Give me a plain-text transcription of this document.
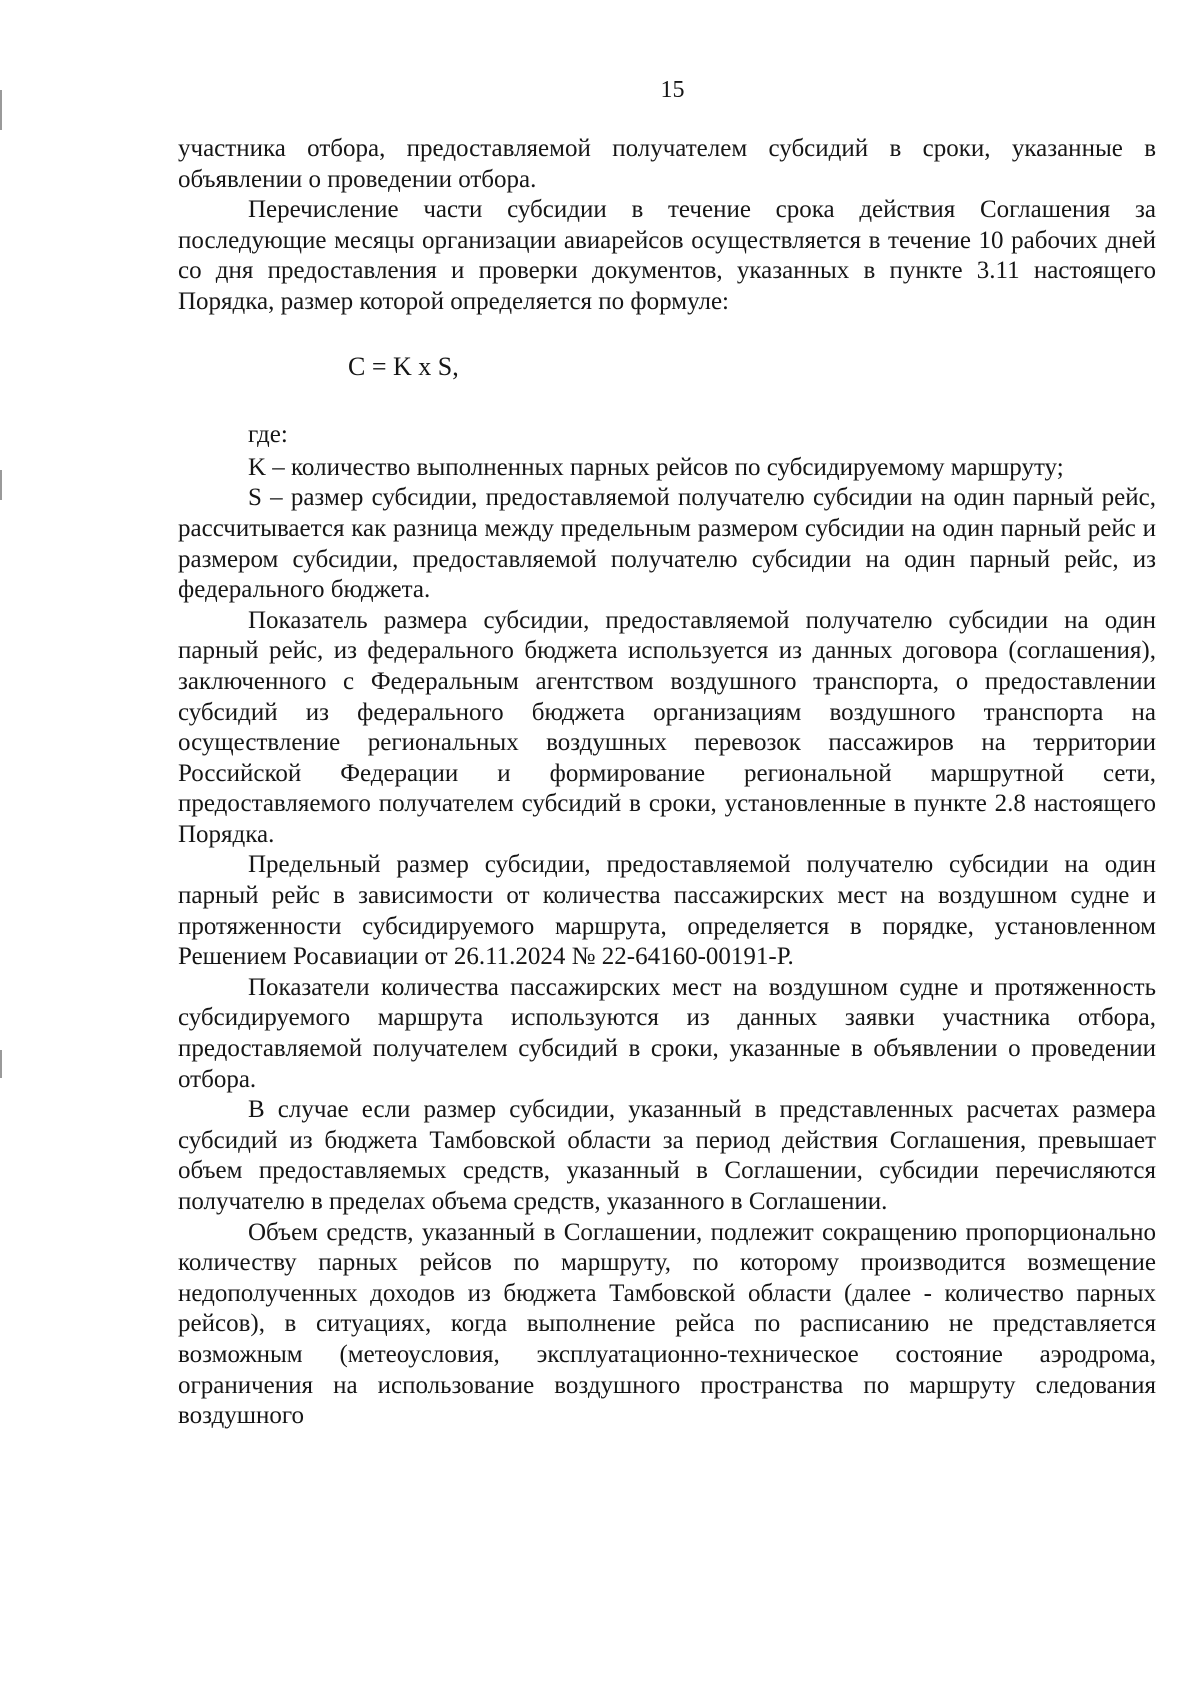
15

участника отбора, предоставляемой получателем субсидий в сроки, указанные в объявлении о проведении отбора.

Перечисление части субсидии в течение срока действия Соглашения за последующие месяцы организации авиарейсов осуществляется в течение 10 рабочих дней со дня предоставления и проверки документов, указанных в пункте 3.11 настоящего Порядка, размер которой определяется по формуле:

C = K x S,

где:

K – количество выполненных парных рейсов по субсидируемому маршруту;

S – размер субсидии, предоставляемой получателю субсидии на один парный рейс, рассчитывается как разница между предельным размером субсидии на один парный рейс и размером субсидии, предоставляемой получателю субсидии на один парный рейс, из федерального бюджета.

Показатель размера субсидии, предоставляемой получателю субсидии на один парный рейс, из федерального бюджета используется из данных договора (соглашения), заключенного с Федеральным агентством воздушного транспорта, о предоставлении субсидий из федерального бюджета организациям воздушного транспорта на осуществление региональных воздушных перевозок пассажиров на территории Российской Федерации и формирование региональной маршрутной сети, предоставляемого получателем субсидий в сроки, установленные в пункте 2.8 настоящего Порядка.

Предельный размер субсидии, предоставляемой получателю субсидии на один парный рейс в зависимости от количества пассажирских мест на воздушном судне и протяженности субсидируемого маршрута, определяется в порядке, установленном Решением Росавиации от 26.11.2024 № 22-64160-00191-Р.

Показатели количества пассажирских мест на воздушном судне и протяженность субсидируемого маршрута используются из данных заявки участника отбора, предоставляемой получателем субсидий в сроки, указанные в объявлении о проведении отбора.

В случае если размер субсидии, указанный в представленных расчетах размера субсидий из бюджета Тамбовской области за период действия Соглашения, превышает объем предоставляемых средств, указанный в Соглашении, субсидии перечисляются получателю в пределах объема средств, указанного в Соглашении.

Объем средств, указанный в Соглашении, подлежит сокращению пропорционально количеству парных рейсов по маршруту, по которому производится возмещение недополученных доходов из бюджета Тамбовской области (далее - количество парных рейсов), в ситуациях, когда выполнение рейса по расписанию не представляется возможным (метеоусловия, эксплуатационно-техническое состояние аэродрома, ограничения на использование воздушного пространства по маршруту следования воздушного
